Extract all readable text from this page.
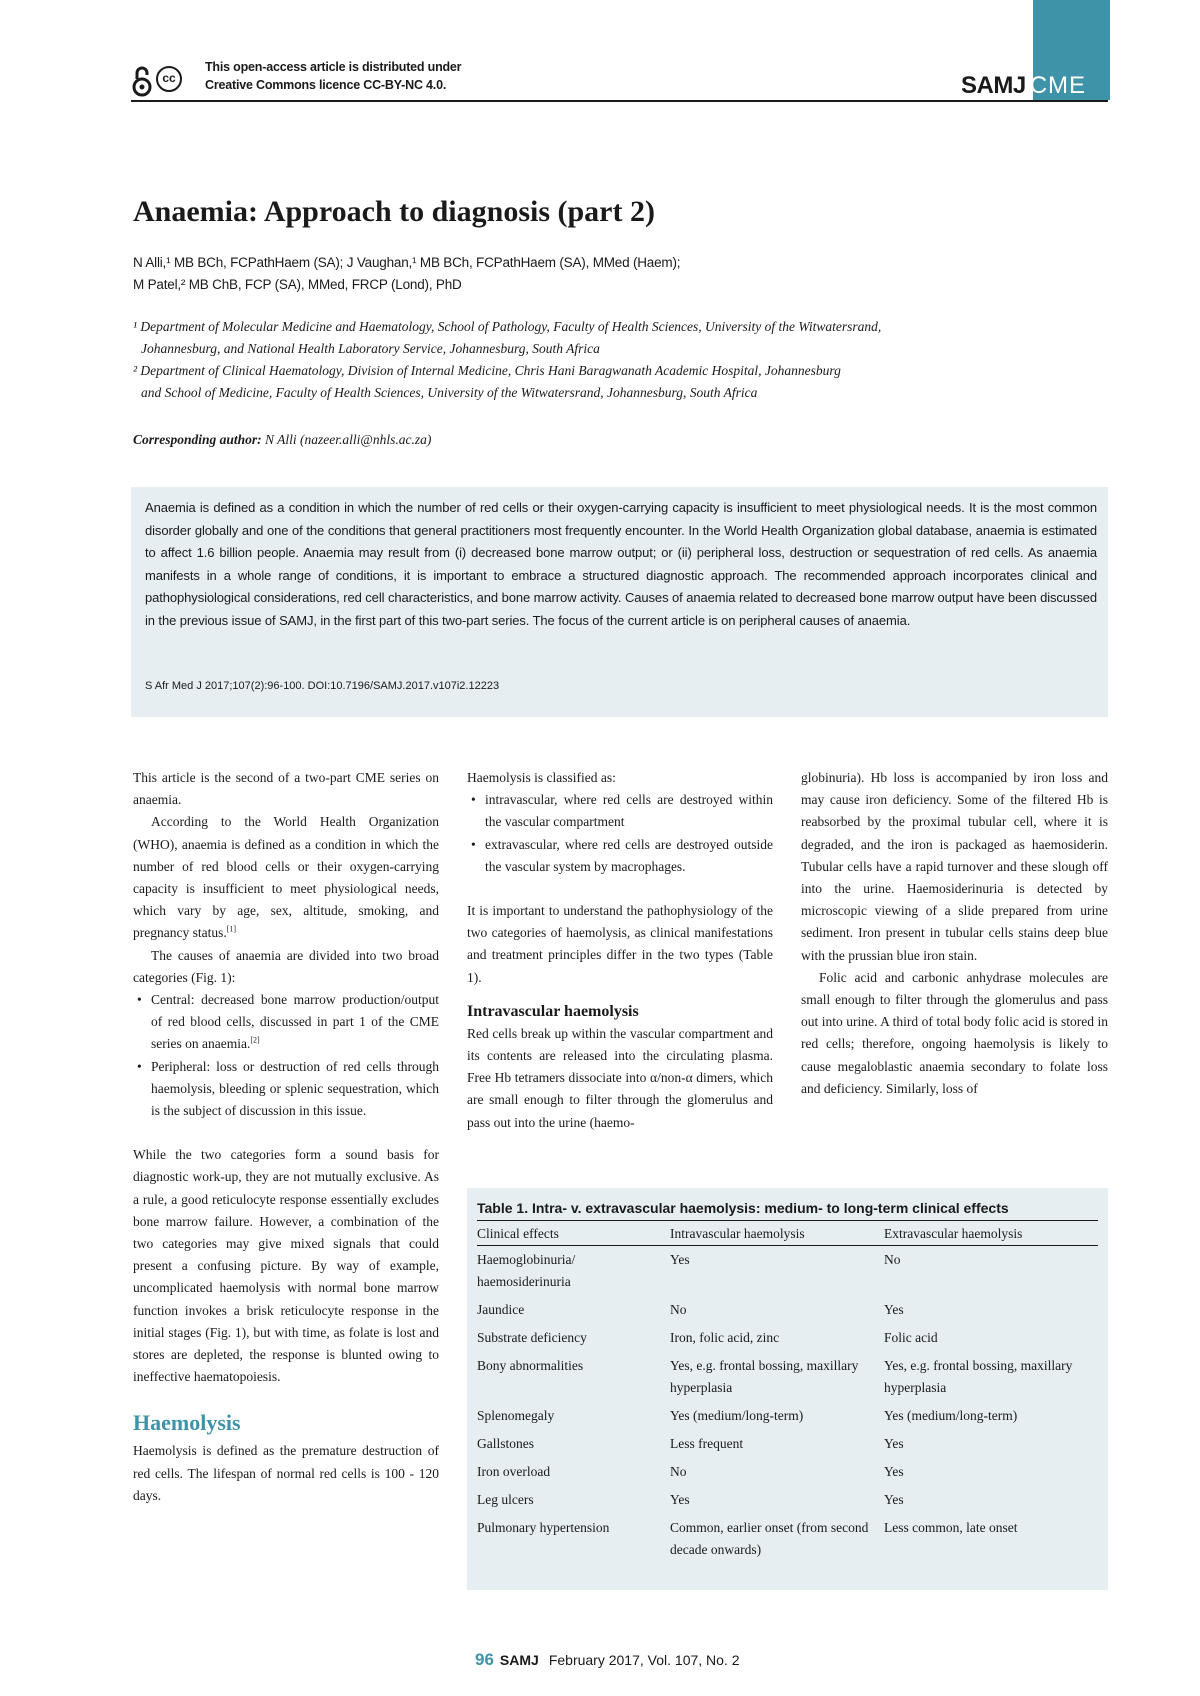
cc
This open-access article is distributed under
Creative Commons licence CC-BY-NC 4.0.	SAMJ CME
Anaemia: Approach to diagnosis (part 2)
N Alli,¹ MB BCh, FCPathHaem (SA); J Vaughan,¹ MB BCh, FCPathHaem (SA), MMed (Haem);
M Patel,² MB ChB, FCP (SA), MMed, FRCP (Lond), PhD
¹ Department of Molecular Medicine and Haematology, School of Pathology, Faculty of Health Sciences, University of the Witwatersrand,
Johannesburg, and National Health Laboratory Service, Johannesburg, South Africa
² Department of Clinical Haematology, Division of Internal Medicine, Chris Hani Baragwanath Academic Hospital, Johannesburg
and School of Medicine, Faculty of Health Sciences, University of the Witwatersrand, Johannesburg, South Africa
Corresponding author: N Alli (nazeer.alli@nhls.ac.za)
Anaemia is defined as a condition in which the number of red cells or their oxygen-carrying capacity is insufficient to meet physiological needs. It is the most common disorder globally and one of the conditions that general practitioners most frequently encounter. In the World Health Organization global database, anaemia is estimated to affect 1.6 billion people. Anaemia may result from (i) decreased bone marrow output; or (ii) peripheral loss, destruction or sequestration of red cells. As anaemia manifests in a whole range of conditions, it is important to embrace a structured diagnostic approach. The recommended approach incorporates clinical and pathophysiological considerations, red cell characteristics, and bone marrow activity. Causes of anaemia related to decreased bone marrow output have been discussed in the previous issue of SAMJ, in the first part of this two-part series. The focus of the current article is on peripheral causes of anaemia.
S Afr Med J 2017;107(2):96-100. DOI:10.7196/SAMJ.2017.v107i2.12223

This article is the second of a two-part CME series on anaemia.

According to the World Health Organization (WHO), anaemia is defined as a condition in which the number of red blood cells or their oxygen-carrying capacity is insufficient to meet physiological needs, which vary by age, sex, altitude, smoking, and pregnancy status.[1]

The causes of anaemia are divided into two broad categories (Fig. 1):

• Central: decreased bone marrow production/output of red blood cells, discussed in part 1 of the CME series on anaemia.[2]
• Peripheral: loss or destruction of red cells through haemolysis, bleeding or splenic sequestration, which is the subject of discussion in this issue.

While the two categories form a sound basis for diagnostic work-up, they are not mutually exclusive. As a rule, a good reticulocyte response essentially excludes bone marrow failure. However, a combination of the two categories may give mixed signals that could present a confusing picture. By way of example, uncomplicated haemolysis with normal bone marrow function invokes a brisk reticulocyte response in the initial stages (Fig. 1), but with time, as folate is lost and stores are depleted, the response is blunted owing to ineffective haematopoiesis.

Haemolysis

Haemolysis is defined as the premature destruction of red cells. The lifespan of normal red cells is 100 - 120 days.

Haemolysis is classified as:

• intravascular, where red cells are destroyed within the vascular compartment
• extravascular, where red cells are destroyed outside the vascular system by macrophages.

It is important to understand the pathophysiology of the two categories of haemolysis, as clinical manifestations and treatment principles differ in the two types (Table 1).

Intravascular haemolysis

Red cells break up within the vascular compartment and its contents are released into the circulating plasma. Free Hb tetramers dissociate into α/non-α dimers, which are small enough to filter through the glomerulus and pass out into the urine (haemo-

globinuria). Hb loss is accompanied by iron loss and may cause iron deficiency. Some of the filtered Hb is reabsorbed by the proximal tubular cell, where it is degraded, and the iron is packaged as haemosiderin. Tubular cells have a rapid turnover and these slough off into the urine. Haemosiderinuria is detected by microscopic viewing of a slide prepared from urine sediment. Iron present in tubular cells stains deep blue with the prussian blue iron stain.

Folic acid and carbonic anhydrase molecules are small enough to filter through the glomerulus and pass out into urine. A third of total body folic acid is stored in red cells; therefore, ongoing haemolysis is likely to cause megaloblastic anaemia secondary to folate loss and deficiency. Similarly, loss of

Table 1. Intra- v. extravascular haemolysis: medium- to long-term clinical effects
Clinical effects	Intravascular haemolysis	Extravascular haemolysis
Haemoglobinuria/ haemosiderinuria	Yes	No
Jaundice	No	Yes
Substrate deficiency	Iron, folic acid, zinc	Folic acid
Bony abnormalities	Yes, e.g. frontal bossing, maxillary hyperplasia	Yes, e.g. frontal bossing, maxillary hyperplasia
Splenomegaly	Yes (medium/long-term)	Yes (medium/long-term)
Gallstones	Less frequent	Yes
Iron overload	No	Yes
Leg ulcers	Yes	Yes
Pulmonary hypertension	Common, earlier onset (from second decade onwards)	Less common, late onset
96 SAMJ February 2017, Vol. 107, No. 2
